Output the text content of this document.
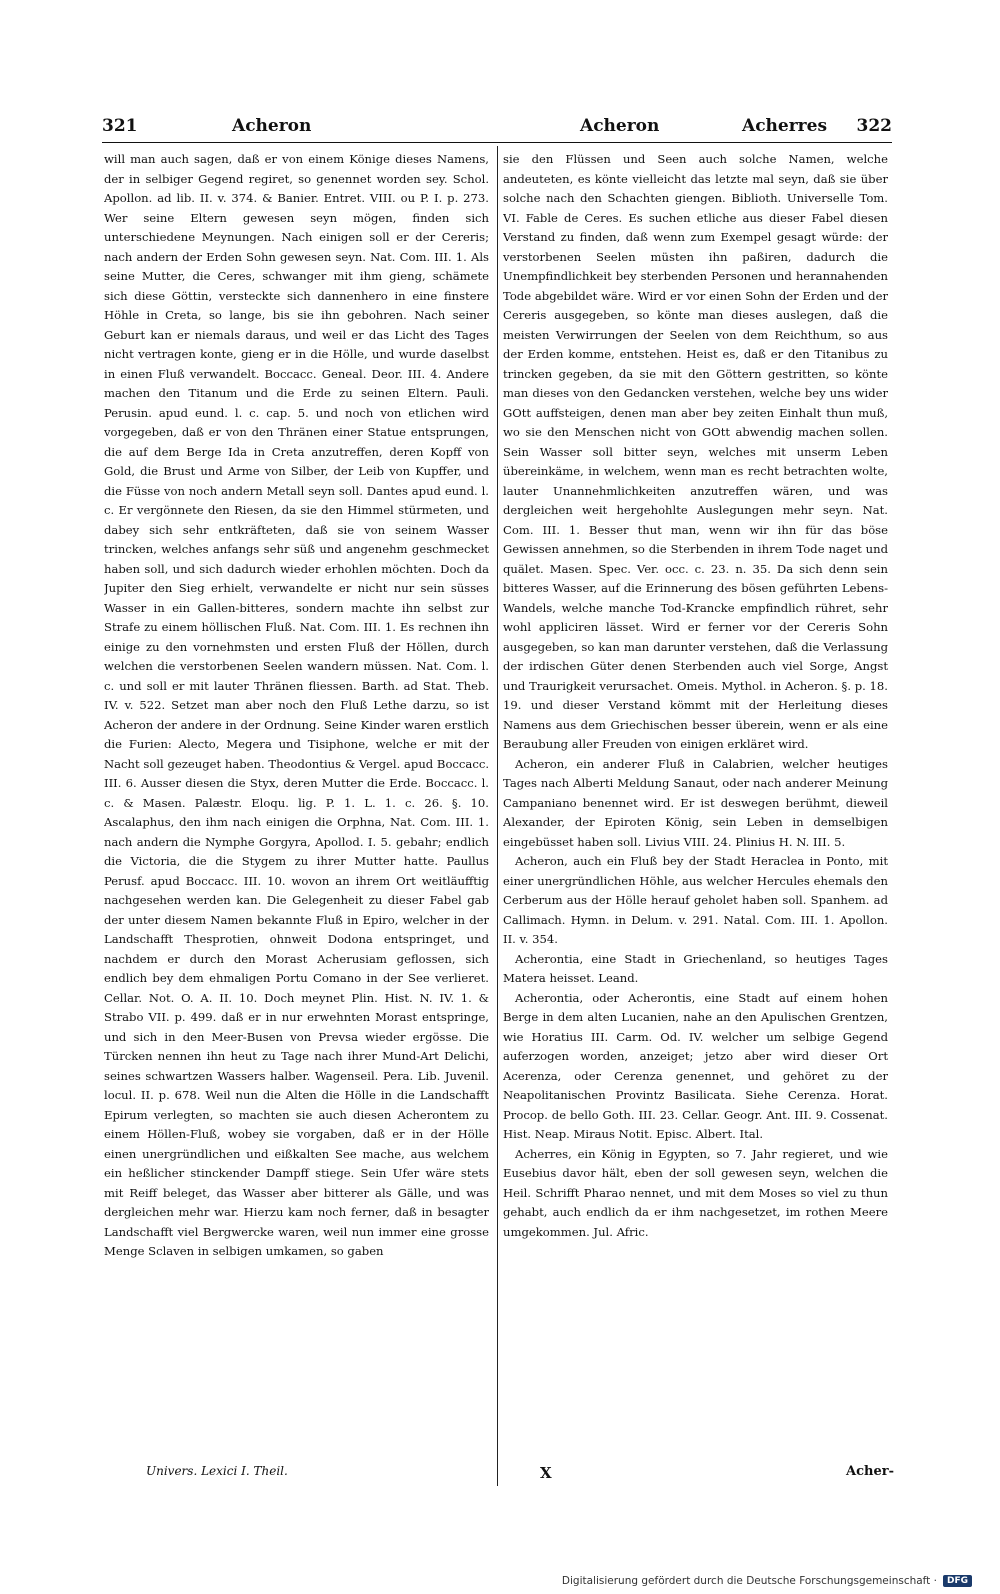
321	Acheron	Acheron	Acherres 322

will man auch sagen, daß er von einem Könige dieses Namens, der in selbiger Gegend regiret, so genennet worden sey. Schol. Apollon. ad lib. II. v. 374. & Banier. Entret. VIII. ou P. I. p. 273. Wer seine Eltern gewesen seyn mögen, finden sich unterschiedene Meynungen. Nach einigen soll er der Cereris; nach andern der Erden Sohn gewesen seyn. Nat. Com. III. 1. Als seine Mutter, die Ceres, schwanger mit ihm gieng, schämete sich diese Göttin, versteckte sich dannenhero in eine finstere Höhle in Creta, so lange, bis sie ihn gebohren. Nach seiner Geburt kan er niemals daraus, und weil er das Licht des Tages nicht vertragen konte, gieng er in die Hölle, und wurde daselbst in einen Fluß verwandelt. Boccacc. Geneal. Deor. III. 4. Andere machen den Titanum und die Erde zu seinen Eltern. Pauli. Perusin. apud eund. l. c. cap. 5. und noch von etlichen wird vorgegeben, daß er von den Thränen einer Statue entsprungen, die auf dem Berge Ida in Creta anzutreffen, deren Kopff von Gold, die Brust und Arme von Silber, der Leib von Kupffer, und die Füsse von noch andern Metall seyn soll. Dantes apud eund. l. c. Er vergönnete den Riesen, da sie den Himmel stürmeten, und dabey sich sehr entkräfteten, daß sie von seinem Wasser trincken, welches anfangs sehr süß und angenehm geschmecket haben soll, und sich dadurch wieder erhohlen möchten. Doch da Jupiter den Sieg erhielt, verwandelte er nicht nur sein süsses Wasser in ein Gallen-bitteres, sondern machte ihn selbst zur Strafe zu einem höllischen Fluß. Nat. Com. III. 1. Es rechnen ihn einige zu den vornehmsten und ersten Fluß der Höllen, durch welchen die verstorbenen Seelen wandern müssen. Nat. Com. l. c. und soll er mit lauter Thränen fliessen. Barth. ad Stat. Theb. IV. v. 522. Setzet man aber noch den Fluß Lethe darzu, so ist Acheron der andere in der Ordnung. Seine Kinder waren erstlich die Furien: Alecto, Megera und Tisiphone, welche er mit der Nacht soll gezeuget haben. Theodontius & Vergel. apud Boccacc. III. 6. Ausser diesen die Styx, deren Mutter die Erde. Boccacc. l. c. & Masen. Palæstr. Eloqu. lig. P. 1. L. 1. c. 26. §. 10. Ascalaphus, den ihm nach einigen die Orphna, Nat. Com. III. 1. nach andern die Nymphe Gorgyra, Apollod. I. 5. gebahr; endlich die Victoria, die die Stygem zu ihrer Mutter hatte. Paullus Perusf. apud Boccacc. III. 10. wovon an ihrem Ort weitläufftig nachgesehen werden kan. Die Gelegenheit zu dieser Fabel gab der unter diesem Namen bekannte Fluß in Epiro, welcher in der Landschafft Thesprotien, ohnweit Dodona entspringet, und nachdem er durch den Morast Acherusiam geflossen, sich endlich bey dem ehmaligen Portu Comano in der See verlieret. Cellar. Not. O. A. II. 10. Doch meynet Plin. Hist. N. IV. 1. & Strabo VII. p. 499. daß er in nur erwehnten Morast entspringe, und sich in den Meer-Busen von Prevsa wieder ergösse. Die Türcken nennen ihn heut zu Tage nach ihrer Mund-Art Delichi, seines schwartzen Wassers halber. Wagenseil. Pera. Lib. Juvenil. locul. II. p. 678. Weil nun die Alten die Hölle in die Landschafft Epirum verlegten, so machten sie auch diesen Acherontem zu einem Höllen-Fluß, wobey sie vorgaben, daß er in der Hölle einen unergründlichen und eißkalten See mache, aus welchem ein heßlicher stinckender Dampff stiege. Sein Ufer wäre stets mit Reiff beleget, das Wasser aber bitterer als Gälle, und was dergleichen mehr war. Hierzu kam noch ferner, daß in besagter Landschafft viel Bergwercke waren, weil nun immer eine grosse Menge Sclaven in selbigen umkamen, so gaben

sie den Flüssen und Seen auch solche Namen, welche andeuteten, es könte vielleicht das letzte mal seyn, daß sie über solche nach den Schachten giengen. Biblioth. Universelle Tom. VI. Fable de Ceres. Es suchen etliche aus dieser Fabel diesen Verstand zu finden, daß wenn zum Exempel gesagt würde: der verstorbenen Seelen müsten ihn paßiren, dadurch die Unempfindlichkeit bey sterbenden Personen und herannahenden Tode abgebildet wäre. Wird er vor einen Sohn der Erden und der Cereris ausgegeben, so könte man dieses auslegen, daß die meisten Verwirrungen der Seelen von dem Reichthum, so aus der Erden komme, entstehen. Heist es, daß er den Titanibus zu trincken gegeben, da sie mit den Göttern gestritten, so könte man dieses von den Gedancken verstehen, welche bey uns wider GOtt auffsteigen, denen man aber bey zeiten Einhalt thun muß, wo sie den Menschen nicht von GOtt abwendig machen sollen. Sein Wasser soll bitter seyn, welches mit unserm Leben übereinkäme, in welchem, wenn man es recht betrachten wolte, lauter Unannehmlichkeiten anzutreffen wären, und was dergleichen weit hergehohlte Auslegungen mehr seyn. Nat. Com. III. 1. Besser thut man, wenn wir ihn für das böse Gewissen annehmen, so die Sterbenden in ihrem Tode naget und quälet. Masen. Spec. Ver. occ. c. 23. n. 35. Da sich denn sein bitteres Wasser, auf die Erinnerung des bösen geführten Lebens-Wandels, welche manche Tod-Krancke empfindlich rühret, sehr wohl appliciren lässet. Wird er ferner vor der Cereris Sohn ausgegeben, so kan man darunter verstehen, daß die Verlassung der irdischen Güter denen Sterbenden auch viel Sorge, Angst und Traurigkeit verursachet. Omeis. Mythol. in Acheron. §. p. 18. 19. und dieser Verstand kömmt mit der Herleitung dieses Namens aus dem Griechischen besser überein, wenn er als eine Beraubung aller Freuden von einigen erkläret wird.

Acheron, ein anderer Fluß in Calabrien, welcher heutiges Tages nach Alberti Meldung Sanaut, oder nach anderer Meinung Campaniano benennet wird. Er ist deswegen berühmt, dieweil Alexander, der Epiroten König, sein Leben in demselbigen eingebüsset haben soll. Livius VIII. 24. Plinius H. N. III. 5.

Acheron, auch ein Fluß bey der Stadt Heraclea in Ponto, mit einer unergründlichen Höhle, aus welcher Hercules ehemals den Cerberum aus der Hölle herauf geholet haben soll. Spanhem. ad Callimach. Hymn. in Delum. v. 291. Natal. Com. III. 1. Apollon. II. v. 354.

Acherontia, eine Stadt in Griechenland, so heutiges Tages Matera heisset. Leand.

Acherontia, oder Acherontis, eine Stadt auf einem hohen Berge in dem alten Lucanien, nahe an den Apulischen Grentzen, wie Horatius III. Carm. Od. IV. welcher um selbige Gegend auferzogen worden, anzeiget; jetzo aber wird dieser Ort Acerenza, oder Cerenza genennet, und gehöret zu der Neapolitanischen Provintz Basilicata. Siehe Cerenza. Horat. Procop. de bello Goth. III. 23. Cellar. Geogr. Ant. III. 9. Cossenat. Hist. Neap. Miraus Notit. Episc. Albert. Ital.

Acherres, ein König in Egypten, so 7. Jahr regieret, und wie Eusebius davor hält, eben der soll gewesen seyn, welchen die Heil. Schrifft Pharao nennet, und mit dem Moses so viel zu thun gehabt, auch endlich da er ihm nachgesetzet, im rothen Meere umgekommen. Jul. Afric.

Univers. Lexici I. Theil.	X	Acher-
Digitalisierung gefördert durch die Deutsche Forschungsgemeinschaft ·	DFG
